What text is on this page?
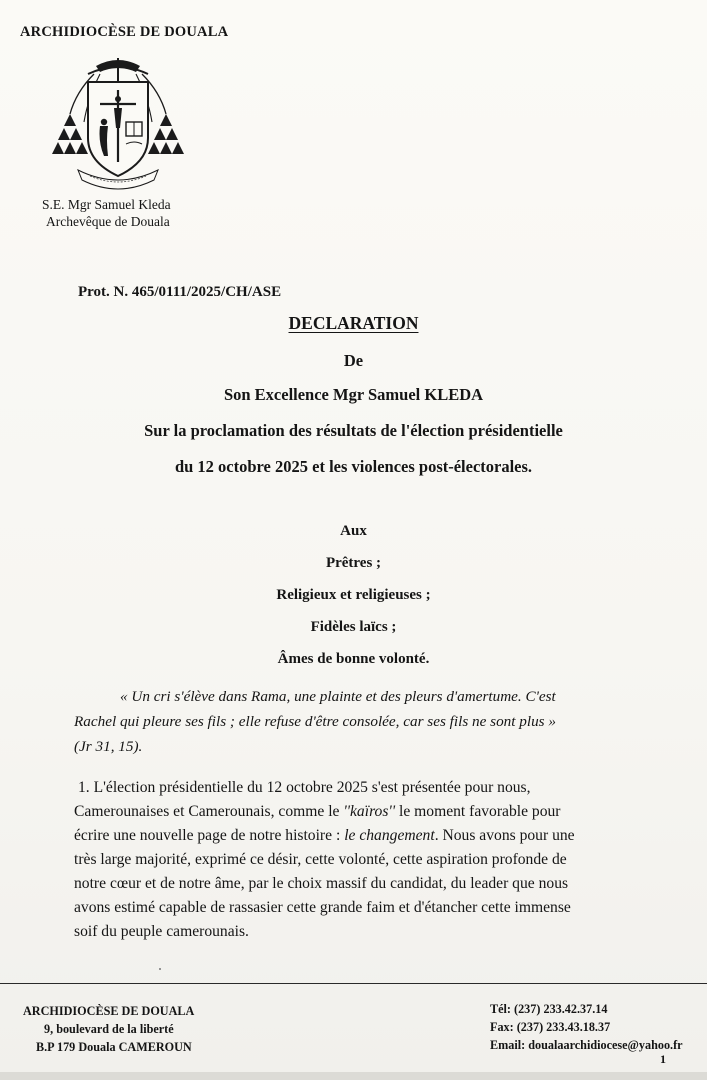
ARCHIDIOCÈSE DE DOUALA
S.E. Mgr Samuel Kleda
Archevêque de Douala
Prot. N. 465/0111/2025/CH/ASE
DECLARATION
De
Son Excellence Mgr Samuel KLEDA
Sur la proclamation des résultats de l'élection présidentielle
du 12 octobre 2025 et les violences post-électorales.
Aux
Prêtres ;
Religieux et religieuses ;
Fidèles laïcs ;
Âmes de bonne volonté.
« Un cri s'élève dans Rama, une plainte et des pleurs d'amertume. C'est
Rachel qui pleure ses fils ; elle refuse d'être consolée, car ses fils ne sont plus »
(Jr 31, 15).
1. L'élection présidentielle du 12 octobre 2025 s'est présentée pour nous,
Camerounaises et Camerounais, comme le ''kaïros'' le moment favorable pour
écrire une nouvelle page de notre histoire : le changement. Nous avons pour une
très large majorité, exprimé ce désir, cette volonté, cette aspiration profonde de
notre cœur et de notre âme, par le choix massif du candidat, du leader que nous
avons estimé capable de rassasier cette grande faim et d'étancher cette immense
soif du peuple camerounais.
ARCHIDIOCÈSE DE DOUALA
9, boulevard de la liberté
B.P 179 Douala CAMEROUN
Tél: (237) 233.42.37.14
Fax: (237) 233.43.18.37
Email: doualaarchidiocese@yahoo.fr
1
